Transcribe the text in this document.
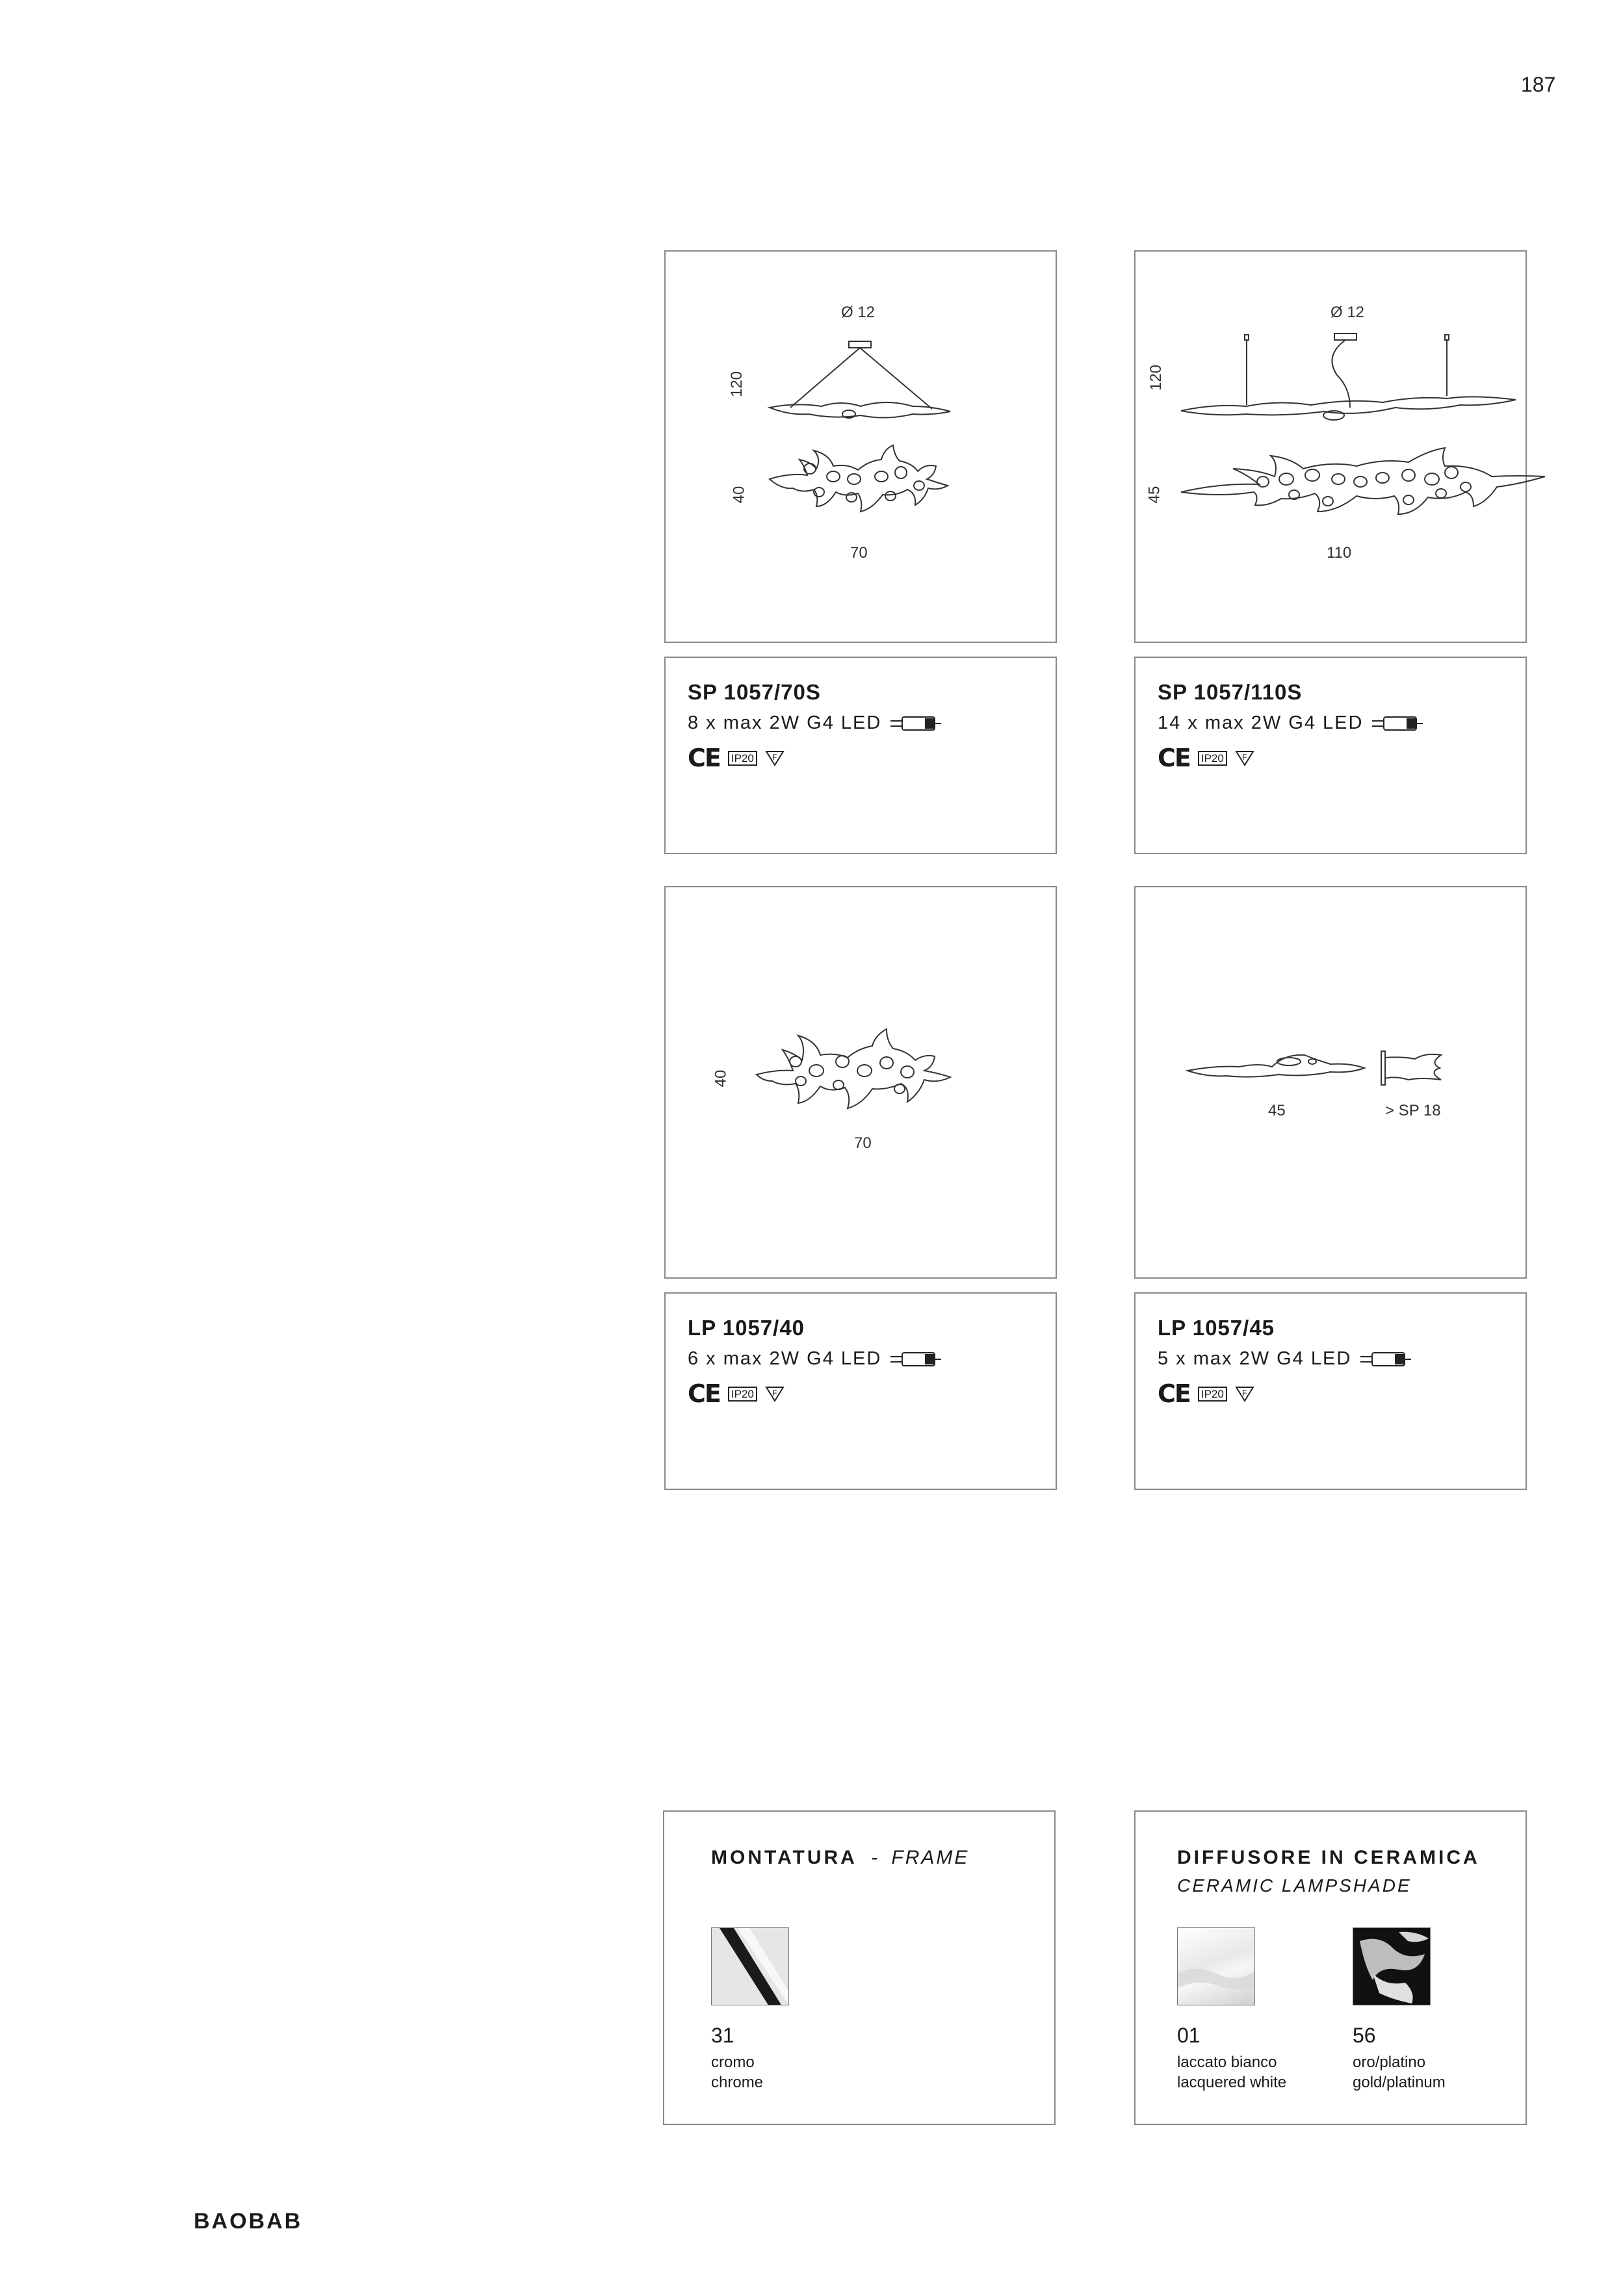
187
BAOBAB
Ø 12
120
40
70
SP 1057/70S
8 x max 2W G4 LED
CE IP20	F
Ø 12
120
45
110
SP 1057/110S
14 x max 2W G4 LED
CE IP20	F
40
70
LP 1057/40
6 x max 2W G4 LED
CE IP20	F
45	> SP 18
LP 1057/45
5 x max 2W G4 LED
CE IP20	F
MONTATURA - FRAME
31
cromo
chrome
DIFFUSORE IN CERAMICA
CERAMIC LAMPSHADE
01
laccato bianco
lacquered white
56
oro/platino
gold/platinum
